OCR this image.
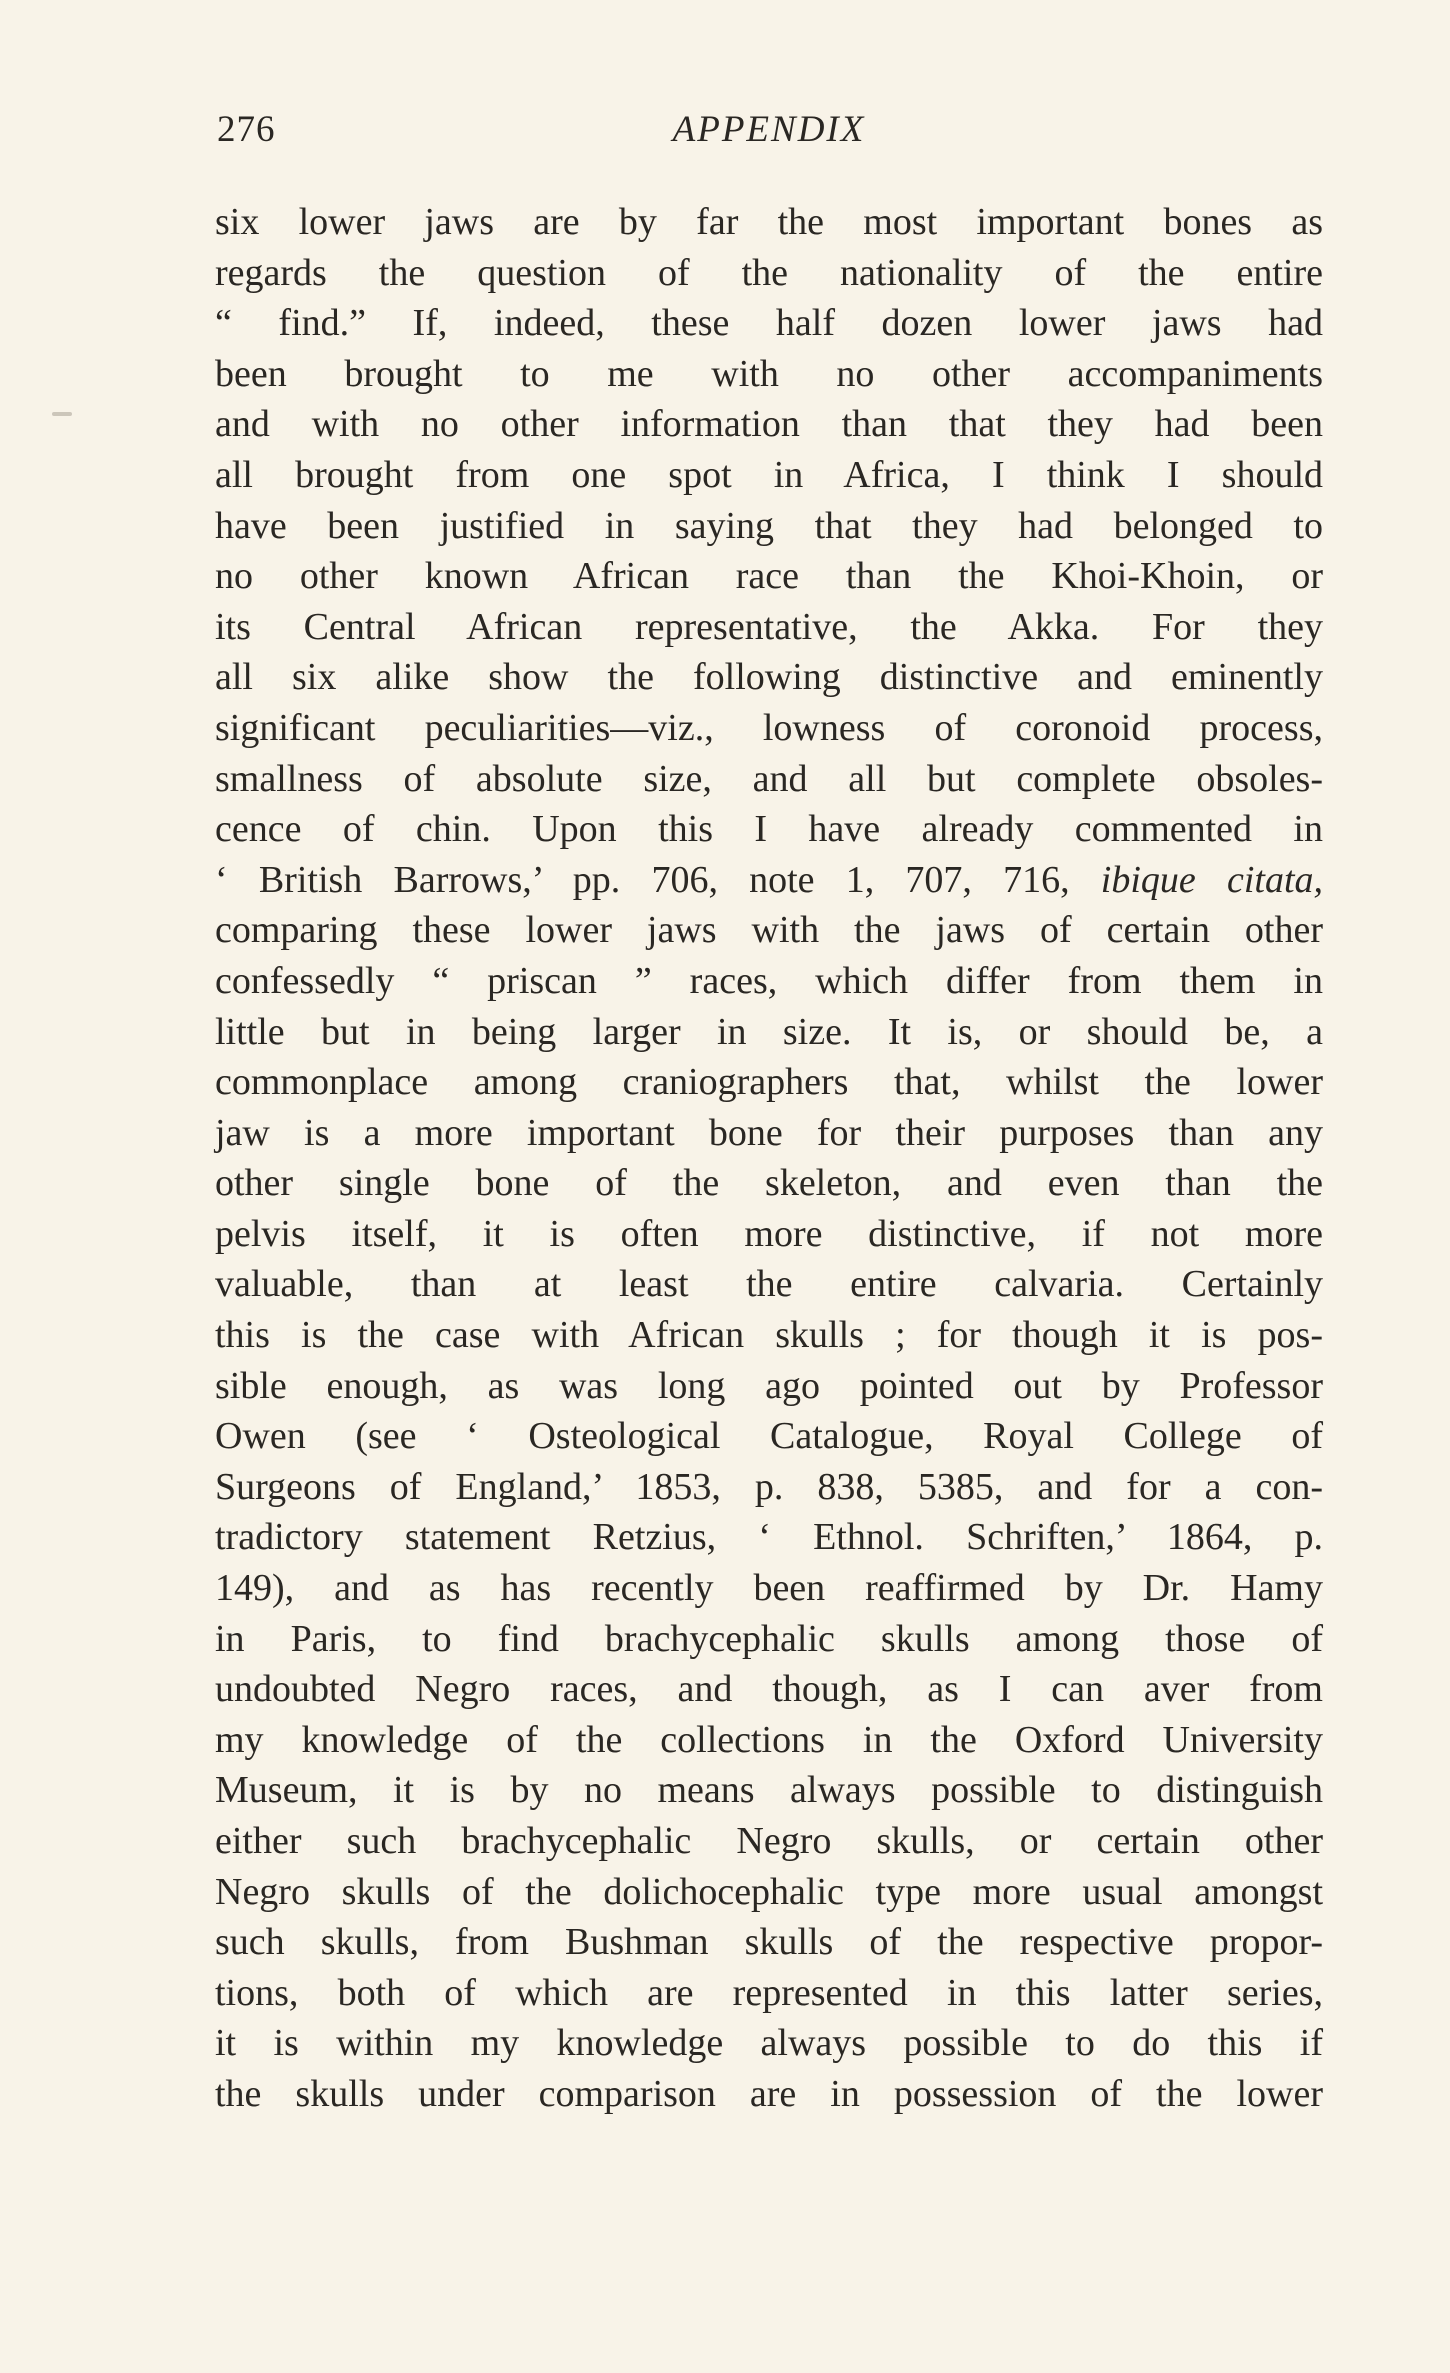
276	APPENDIX
six lower jaws are by far the most important bones as
regards the question of the nationality of the entire
“ find.” If, indeed, these half dozen lower jaws had
been brought to me with no other accompaniments
and with no other information than that they had been
all brought from one spot in Africa, I think I should
have been justified in saying that they had belonged to
no other known African race than the Khoi-Khoin, or
its Central African representative, the Akka. For they
all six alike show the following distinctive and eminently
significant peculiarities—viz., lowness of coronoid process,
smallness of absolute size, and all but complete obsoles-
cence of chin. Upon this I have already commented in
‘ British Barrows,’ pp. 706, note 1, 707, 716, ibique citata,
comparing these lower jaws with the jaws of certain other
confessedly “ priscan ” races, which differ from them in
little but in being larger in size. It is, or should be, a
commonplace among craniographers that, whilst the lower
jaw is a more important bone for their purposes than any
other single bone of the skeleton, and even than the
pelvis itself, it is often more distinctive, if not more
valuable, than at least the entire calvaria. Certainly
this is the case with African skulls ; for though it is pos-
sible enough, as was long ago pointed out by Professor
Owen (see ‘ Osteological Catalogue, Royal College of
Surgeons of England,’ 1853, p. 838, 5385, and for a con-
tradictory statement Retzius, ‘ Ethnol. Schriften,’ 1864, p.
149), and as has recently been reaffirmed by Dr. Hamy
in Paris, to find brachycephalic skulls among those of
undoubted Negro races, and though, as I can aver from
my knowledge of the collections in the Oxford University
Museum, it is by no means always possible to distinguish
either such brachycephalic Negro skulls, or certain other
Negro skulls of the dolichocephalic type more usual amongst
such skulls, from Bushman skulls of the respective propor-
tions, both of which are represented in this latter series,
it is within my knowledge always possible to do this if
the skulls under comparison are in possession of the lower
